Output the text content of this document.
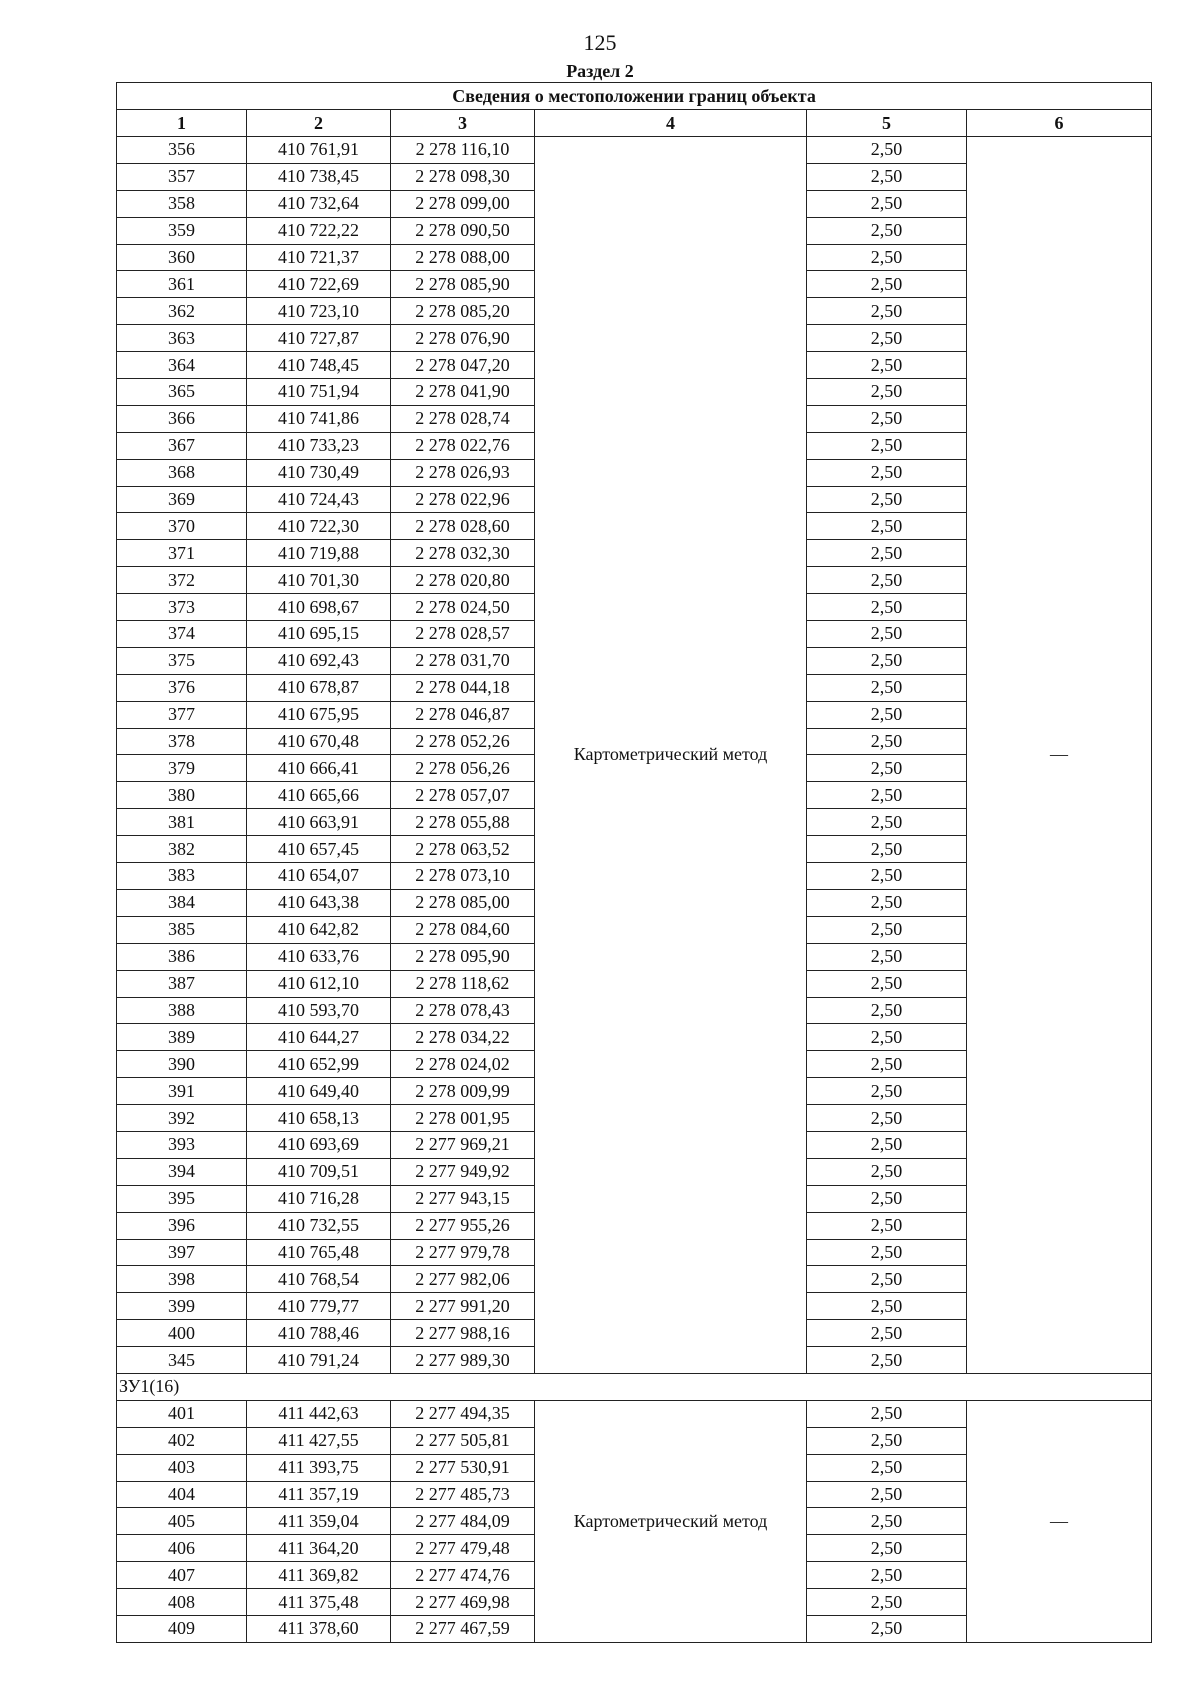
125
Раздел 2
Сведения о местоположении границ объекта					
1	2	3	4	5	6
356	410 761,91	2 278 116,10	Картометрический метод	2,50	—
357	410 738,45	2 278 098,30		2,50	
358	410 732,64	2 278 099,00		2,50	
359	410 722,22	2 278 090,50		2,50	
360	410 721,37	2 278 088,00		2,50	
361	410 722,69	2 278 085,90		2,50	
362	410 723,10	2 278 085,20		2,50	
363	410 727,87	2 278 076,90		2,50	
364	410 748,45	2 278 047,20		2,50	
365	410 751,94	2 278 041,90		2,50	
366	410 741,86	2 278 028,74		2,50	
367	410 733,23	2 278 022,76		2,50	
368	410 730,49	2 278 026,93		2,50	
369	410 724,43	2 278 022,96		2,50	
370	410 722,30	2 278 028,60		2,50	
371	410 719,88	2 278 032,30		2,50	
372	410 701,30	2 278 020,80		2,50	
373	410 698,67	2 278 024,50		2,50	
374	410 695,15	2 278 028,57		2,50	
375	410 692,43	2 278 031,70		2,50	
376	410 678,87	2 278 044,18		2,50	
377	410 675,95	2 278 046,87		2,50	
378	410 670,48	2 278 052,26		2,50	
379	410 666,41	2 278 056,26		2,50	
380	410 665,66	2 278 057,07		2,50	
381	410 663,91	2 278 055,88		2,50	
382	410 657,45	2 278 063,52		2,50	
383	410 654,07	2 278 073,10		2,50	
384	410 643,38	2 278 085,00		2,50	
385	410 642,82	2 278 084,60		2,50	
386	410 633,76	2 278 095,90		2,50	
387	410 612,10	2 278 118,62		2,50	
388	410 593,70	2 278 078,43		2,50	
389	410 644,27	2 278 034,22		2,50	
390	410 652,99	2 278 024,02		2,50	
391	410 649,40	2 278 009,99		2,50	
392	410 658,13	2 278 001,95		2,50	
393	410 693,69	2 277 969,21		2,50	
394	410 709,51	2 277 949,92		2,50	
395	410 716,28	2 277 943,15		2,50	
396	410 732,55	2 277 955,26		2,50	
397	410 765,48	2 277 979,78		2,50	
398	410 768,54	2 277 982,06		2,50	
399	410 779,77	2 277 991,20		2,50	
400	410 788,46	2 277 988,16		2,50	
345	410 791,24	2 277 989,30		2,50	
ЗУ1(16)					
401	411 442,63	2 277 494,35	Картометрический метод	2,50	—
402	411 427,55	2 277 505,81		2,50	
403	411 393,75	2 277 530,91		2,50	
404	411 357,19	2 277 485,73		2,50	
405	411 359,04	2 277 484,09		2,50	
406	411 364,20	2 277 479,48		2,50	
407	411 369,82	2 277 474,76		2,50	
408	411 375,48	2 277 469,98		2,50	
409	411 378,60	2 277 467,59		2,50	
